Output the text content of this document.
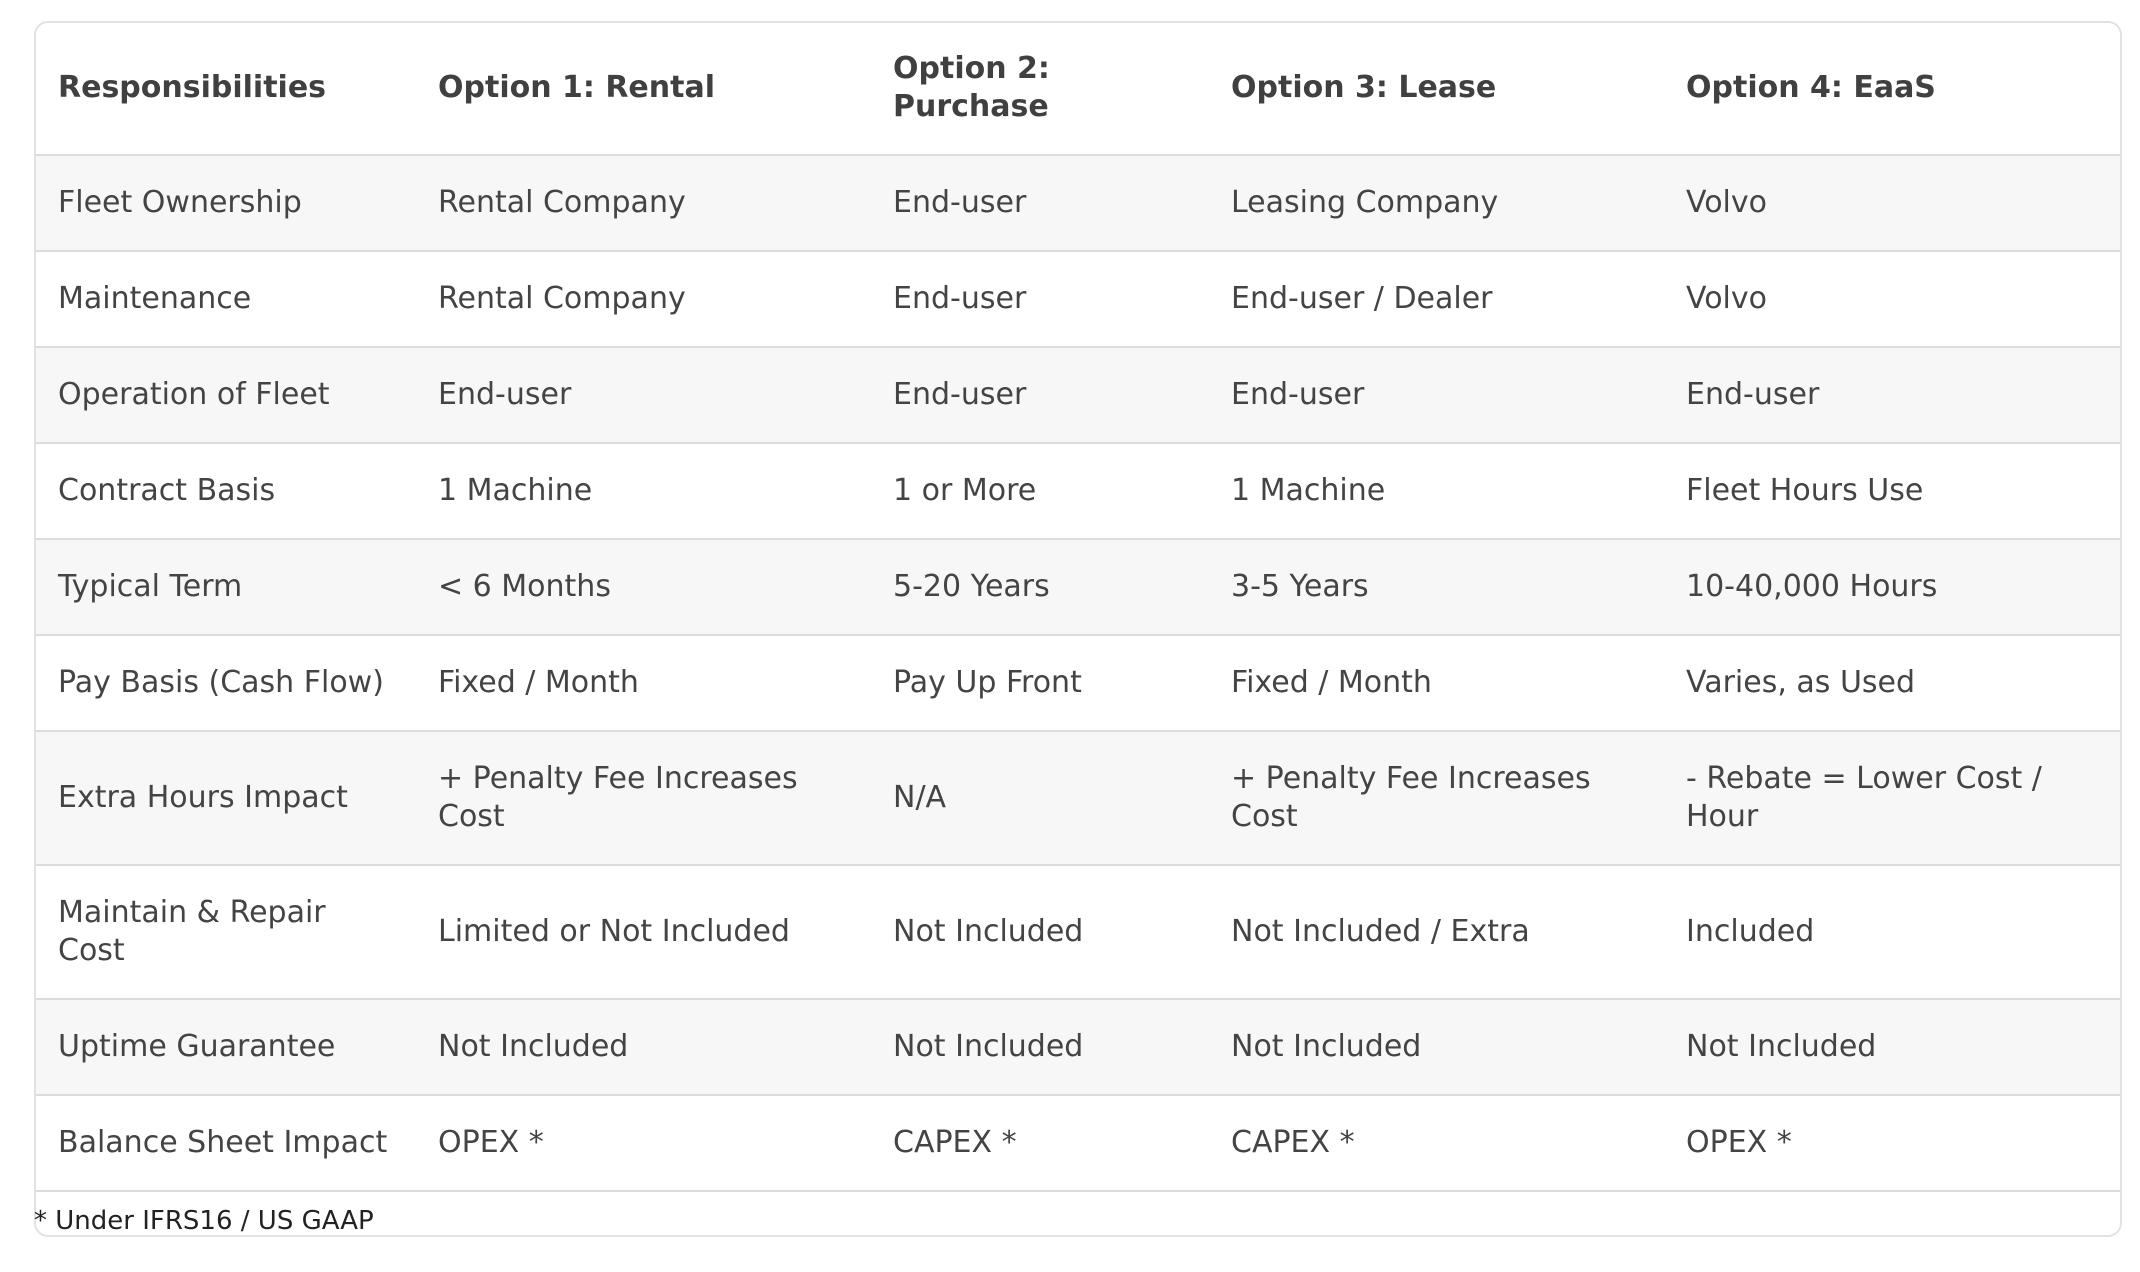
Responsibilities	Option 1: Rental	Option 2: Purchase	Option 3: Lease	Option 4: EaaS
Fleet Ownership	Rental Company	End-user	Leasing Company	Volvo
Maintenance	Rental Company	End-user	End-user / Dealer	Volvo
Operation of Fleet	End-user	End-user	End-user	End-user
Contract Basis	1 Machine	1 or More	1 Machine	Fleet Hours Use
Typical Term	< 6 Months	5-20 Years	3-5 Years	10-40,000 Hours
Pay Basis (Cash Flow)	Fixed / Month	Pay Up Front	Fixed / Month	Varies, as Used
Extra Hours Impact	+ Penalty Fee Increases Cost	N/A	+ Penalty Fee Increases Cost	- Rebate = Lower Cost / Hour
Maintain & Repair Cost	Limited or Not Included	Not Included	Not Included / Extra	Included
Uptime Guarantee	Not Included	Not Included	Not Included	Not Included
Balance Sheet Impact	OPEX *	CAPEX *	CAPEX *	OPEX *
* Under IFRS16 / US GAAP
